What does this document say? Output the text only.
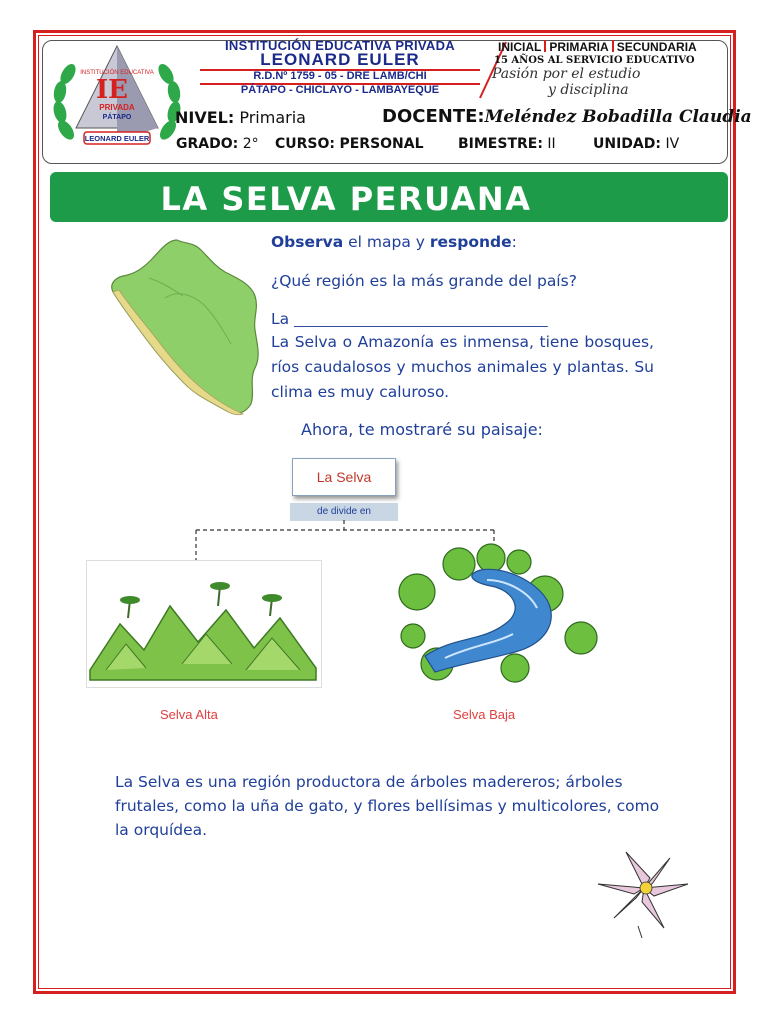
IE
INSTITUCIÓN EDUCATIVA
PRIVADA
PÁTAPO
LEONARD EULER
INSTITUCIÓN EDUCATIVA PRIVADA
LEONARD EULER
R.D.Nº 1759 - 05 - DRE LAMB/CHI
PÁTAPO - CHICLAYO - LAMBAYEQUE
INICIAL PRIMARIA SECUNDARIA
15 AÑOS AL SERVICIO EDUCATIVO
Pasión por el estudio
y disciplina
NIVEL: Primaria	DOCENTE:Meléndez Bobadilla Claudia
GRADO: 2° CURSO: PERSONAL BIMESTRE: II	UNIDAD: IV
LA SELVA PERUANA
Observa el mapa y responde:
¿Qué región es la más grande del país?
La _______________________________________
La Selva o Amazonía es inmensa, tiene bosques, ríos caudalosos y muchos animales y plantas. Su clima es muy caluroso.
Ahora, te mostraré su paisaje:
La Selva
de divide en
Selva Alta	Selva Baja
La Selva es una región productora de árboles madereros; árboles frutales, como la uña de gato, y flores bellísimas y multicolores, como la orquídea.
